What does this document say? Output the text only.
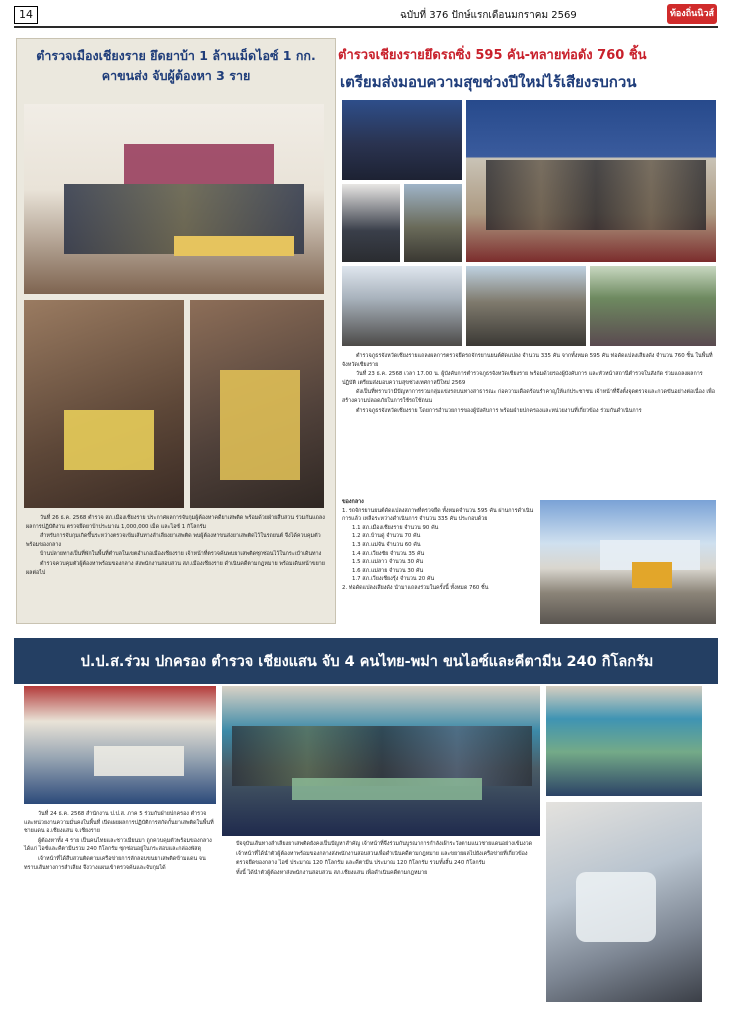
14	ฉบับที่ 376 ปักษ์แรกเดือนมกราคม 2569	ท้องถิ่นนิวส์
ตำรวจเมืองเชียงราย ยึดยาบ้า 1 ล้านเม็ดไอซ์ 1 กก. คาขนส่ง จับผู้ต้องหา 3 ราย

วันที่ 26 ธ.ค. 2568 ตำรวจ สภ.เมืองเชียงราย ประกาศผลการจับกุมผู้ต้องหาคดียาเสพติด พร้อมด้วยฝ่ายสืบสวน ร่วมกันแถลงผลการปฏิบัติงาน ตรวจยึดยาบ้าประมาณ 1,000,000 เม็ด และไอซ์ 1 กิโลกรัม

สำหรับการจับกุมเกิดขึ้นระหว่างตรวจเข้มเส้นทางลำเลียงยาเสพติด พบผู้ต้องหาขนส่งยาเสพติดไว้ในรถยนต์ จึงได้ควบคุมตัวพร้อมของกลาง

บ้านปลายทางเป็นที่พักในพื้นที่ตำบลในเขตอำเภอเมืองเชียงราย เจ้าหน้าที่ตรวจค้นพบยาเสพติดซุกซ่อนไว้ในกระเป๋าเดินทาง

ตำรวจควบคุมตัวผู้ต้องหาพร้อมของกลาง ส่งพนักงานสอบสวน สภ.เมืองเชียงราย ดำเนินคดีตามกฎหมาย พร้อมเดินหน้าขยายผลต่อไป

ตำรวจเชียงรายยึดรถซิ่ง 595 คัน-ทลายท่อดัง 760 ชิ้น
เตรียมส่งมอบความสุขช่วงปีใหม่ไร้เสียงรบกวน

ตำรวจภูธรจังหวัดเชียงรายแถลงผลการตรวจยึดรถจักรยานยนต์ดัดแปลง จำนวน 335 คัน จากทั้งหมด 595 คัน ท่อดัดแปลงเสียงดัง จำนวน 760 ชิ้น ในพื้นที่จังหวัดเชียงราย

วันที่ 23 ธ.ค. 2568 เวลา 17.00 น. ผู้บังคับการตำรวจภูธรจังหวัดเชียงราย พร้อมด้วยรองผู้บังคับการ และหัวหน้าสถานีตำรวจในสังกัด ร่วมแถลงผลการปฏิบัติ เตรียมส่งมอบความสุขช่วงเทศกาลปีใหม่ 2569

ดังเป็นที่ทราบว่ามีปัญหาการรวมกลุ่มแข่งรถบนทางสาธารณะ ก่อความเดือดร้อนรำคาญให้แก่ประชาชน เจ้าหน้าที่จึงตั้งจุดตรวจและกวดขันอย่างต่อเนื่อง เพื่อสร้างความปลอดภัยในการใช้รถใช้ถนน

ตำรวจภูธรจังหวัดเชียงราย โดยการอำนวยการของผู้บังคับการ พร้อมฝ่ายปกครองและหน่วยงานที่เกี่ยวข้อง ร่วมกันดำเนินการ

ของกลาง
1. รถจักรยานยนต์ดัดแปลงสภาพที่ตรวจยึด ทั้งหมดจำนวน 595 คัน ผ่านการดำเนินการแล้ว เหลือระหว่างดำเนินการ จำนวน 335 คัน ประกอบด้วย
1.1 สภ.เมืองเชียงราย จำนวน 90 คัน
1.2 สภ.บ้านดู่ จำนวน 70 คัน
1.3 สภ.แม่จัน จำนวน 60 คัน
1.4 สภ.เวียงชัย จำนวน 35 คัน
1.5 สภ.แม่ลาว จำนวน 30 คัน
1.6 สภ.แม่สาย จำนวน 30 คัน
1.7 สภ.เวียงเชียงรุ้ง จำนวน 20 คัน
2. ท่อดัดแปลงเสียงดัง นำมาแถลงร่วมในครั้งนี้ ทั้งหมด 760 ชิ้น
ป.ป.ส.ร่วม ปกครอง ตำรวจ เชียงแสน จับ 4 คนไทย-พม่า ขนไอซ์และคีตามีน 240 กิโลกรัม

วันที่ 24 ธ.ค. 2568 สำนักงาน ป.ป.ส. ภาค 5 ร่วมกับฝ่ายปกครอง ตำรวจ และหน่วยงานความมั่นคงในพื้นที่ เปิดเผยผลการปฏิบัติการสกัดกั้นยาเสพติดในพื้นที่ชายแดน อ.เชียงแสน จ.เชียงราย

ผู้ต้องหาทั้ง 4 ราย เป็นคนไทยและชาวเมียนมา ถูกควบคุมตัวพร้อมของกลาง ได้แก่ ไอซ์และคีตามีนรวม 240 กิโลกรัม ซุกซ่อนอยู่ในกระสอบและกล่องพัสดุ

เจ้าหน้าที่ได้สืบสวนติดตามเครือข่ายการลักลอบขนยาเสพติดข้ามแดน จนทราบเส้นทางการลำเลียง จึงวางแผนเข้าตรวจค้นและจับกุมได้

ปัจจุบันเส้นทางลำเลียงยาเสพติดยังคงเป็นปัญหาสำคัญ เจ้าหน้าที่จึงร่วมกันบูรณาการกำลังเฝ้าระวังตามแนวชายแดนอย่างเข้มงวด

เจ้าหน้าที่ได้นำตัวผู้ต้องหาพร้อมของกลางส่งพนักงานสอบสวนเพื่อดำเนินคดีตามกฎหมาย และขยายผลไปยังเครือข่ายที่เกี่ยวข้อง

ตรวจยึดของกลาง ไอซ์ ประมาณ 120 กิโลกรัม และคีตามีน ประมาณ 120 กิโลกรัม รวมทั้งสิ้น 240 กิโลกรัม

ทั้งนี้ ได้นำตัวผู้ต้องหาส่งพนักงานสอบสวน สภ.เชียงแสน เพื่อดำเนินคดีตามกฎหมาย
